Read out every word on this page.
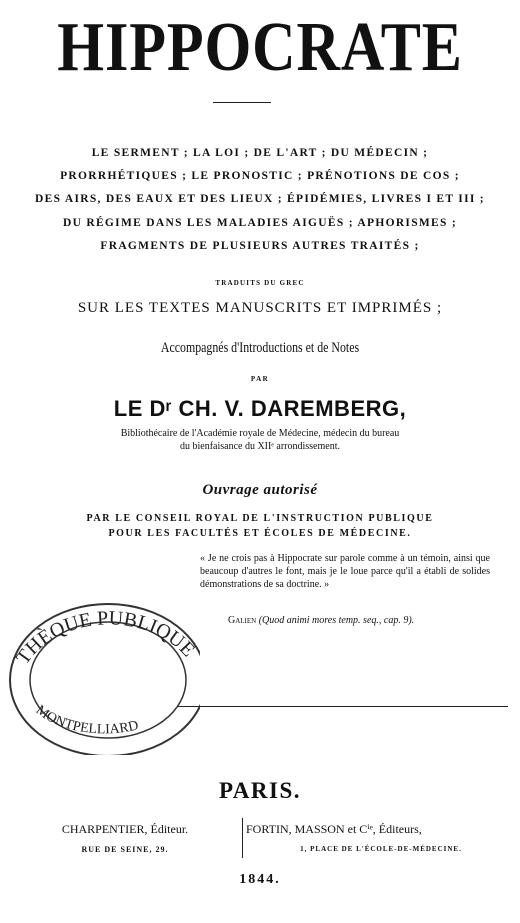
HIPPOCRATE
LE SERMENT ; LA LOI ; DE L'ART ; DU MÉDECIN ;
PRORRHÉTIQUES ; LE PRONOSTIC ; PRÉNOTIONS DE COS ;
DES AIRS, DES EAUX ET DES LIEUX ; ÉPIDÉMIES, LIVRES I ET III ;
DU RÉGIME DANS LES MALADIES AIGUËS ; APHORISMES ;
FRAGMENTS DE PLUSIEURS AUTRES TRAITÉS ;
TRADUITS DU GREC
SUR LES TEXTES MANUSCRITS ET IMPRIMÉS ;
Accompagnés d'Introductions et de Notes
PAR
LE Dʳ CH. V. DAREMBERG,
Bibliothécaire de l'Académie royale de Médecine, médecin du bureau
du bienfaisance du XIIᵉ arrondissement.
Ouvrage autorisé
PAR LE CONSEIL ROYAL DE L'INSTRUCTION PUBLIQUE
POUR LES FACULTÉS ET ÉCOLES DE MÉDECINE.
« Je ne crois pas à Hippocrate sur parole comme à un témoin, ainsi que beaucoup d'autres le font, mais je le loue parce qu'il a établi de solides démonstrations de sa doctrine. »
Galien (Quod animi mores temp. seq., cap. 9).
THÈQUE PUBLIQUE
MONTPELLIARD
PARIS.
CHARPENTIER, Éditeur.
RUE DE SEINE, 29.
FORTIN, MASSON et Cⁱᵉ, Éditeurs,
1, PLACE DE L'ÉCOLE-DE-MÉDECINE.
1844.
